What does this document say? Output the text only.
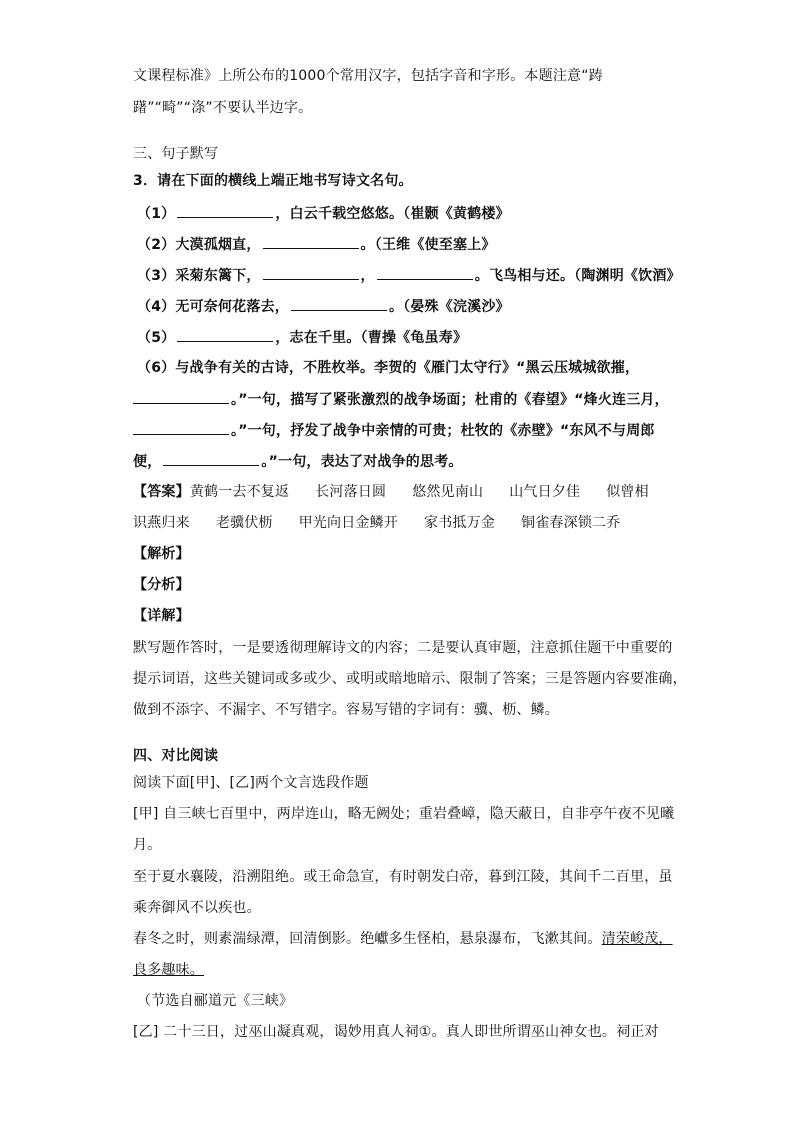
文课程标准》上所公布的1000个常用汉字，包括字音和字形。本题注意“踌
躇”“畸”“涤”不要认半边字。
三、句子默写
3．请在下面的横线上端正地书写诗文名句。
（1）	，白云千载空悠悠。（崔颢《黄鹤楼》
（2）大漠孤烟直，	。（王维《使至塞上》
（3）采菊东篱下，	，	。飞鸟相与还。（陶渊明《饮酒》
（4）无可奈何花落去，	。（晏殊《浣溪沙》
（5）	，志在千里。（曹操《龟虽寿》
（6）与战争有关的古诗，不胜枚举。李贺的《雁门太守行》“黑云压城城欲摧，
。”一句，描写了紧张激烈的战争场面；杜甫的《春望》“烽火连三月，
。”一句，抒发了战争中亲情的可贵；杜牧的《赤壁》“东风不与周郎
便，	。”一句，表达了对战争的思考。
【答案】黄鹤一去不复返 长河落日圆 悠然见南山 山气日夕佳 似曾相
识燕归来 老骥伏枥 甲光向日金鳞开 家书抵万金 铜雀春深锁二乔
【解析】
【分析】
【详解】
默写题作答时，一是要透彻理解诗文的内容；二是要认真审题，注意抓住题干中重要的
提示词语，这些关键词或多或少、或明或暗地暗示、限制了答案；三是答题内容要准确，
做到不添字、不漏字、不写错字。容易写错的字词有：骥、枥、鳞。
四、对比阅读
阅读下面[甲]、[乙]两个文言选段作题
[甲] 自三峡七百里中，两岸连山，略无阙处；重岩叠嶂，隐天蔽日，自非亭午夜不见曦
月。
至于夏水襄陵，沿溯阻绝。或王命急宣，有时朝发白帝，暮到江陵，其间千二百里，虽
乘奔御风不以疾也。
春冬之时，则素湍绿潭，回清倒影。绝巘多生怪柏，悬泉瀑布，飞漱其间。清荣峻茂，
良多趣味。
（节选自郦道元《三峡》
[乙] 二十三日，过巫山凝真观，谒妙用真人祠①。真人即世所谓巫山神女也。祠正对
